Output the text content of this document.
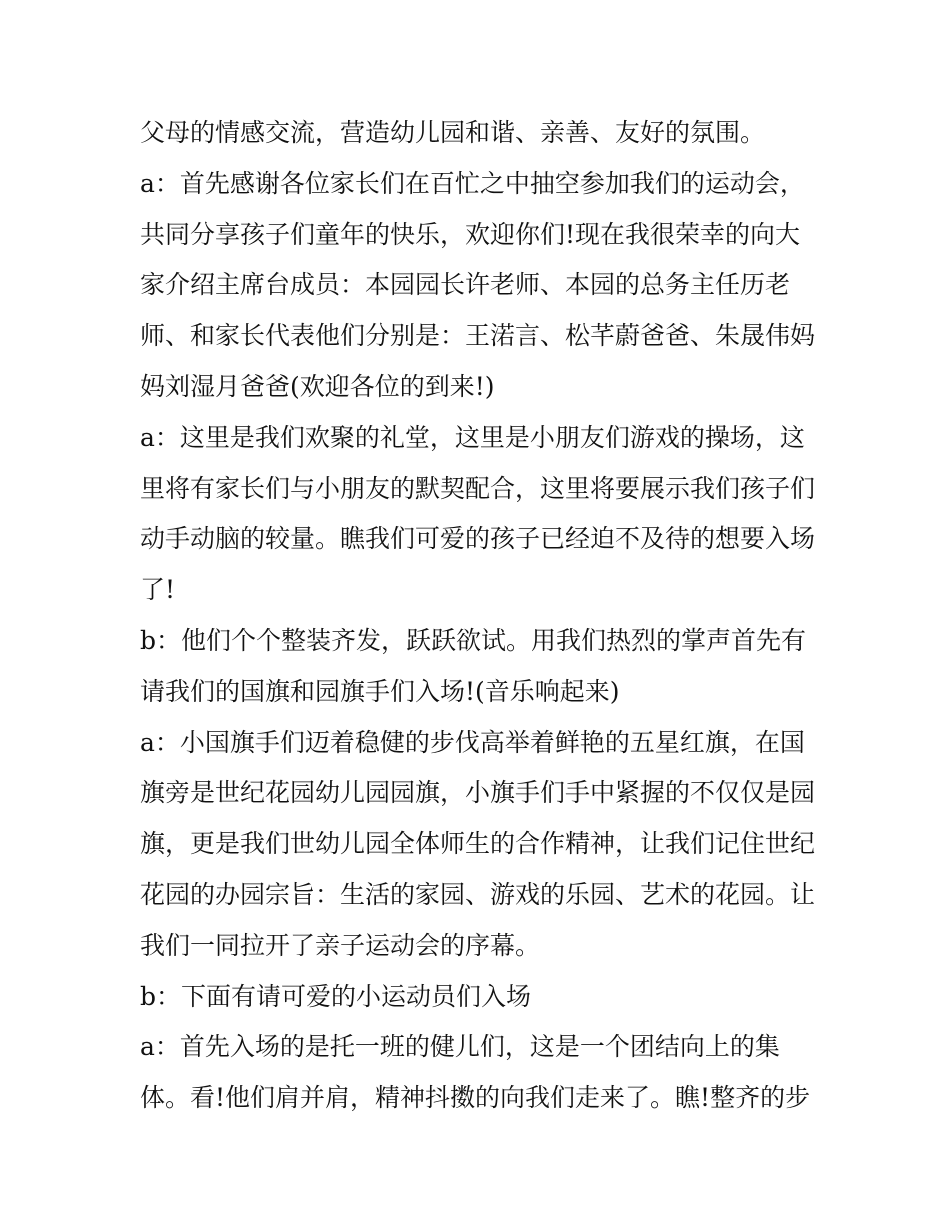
父母的情感交流，营造幼儿园和谐、亲善、友好的氛围。
a：首先感谢各位家长们在百忙之中抽空参加我们的运动会，
共同分享孩子们童年的快乐，欢迎你们!现在我很荣幸的向大
家介绍主席台成员：本园园长许老师、本园的总务主任历老
师、和家长代表他们分别是：王渃言、松芊蔚爸爸、朱晟伟妈
妈刘湿月爸爸(欢迎各位的到来!)
a：这里是我们欢聚的礼堂，这里是小朋友们游戏的操场，这
里将有家长们与小朋友的默契配合，这里将要展示我们孩子们
动手动脑的较量。瞧我们可爱的孩子已经迫不及待的想要入场
了!
b：他们个个整装齐发，跃跃欲试。用我们热烈的掌声首先有
请我们的国旗和园旗手们入场!(音乐响起来)
a：小国旗手们迈着稳健的步伐高举着鲜艳的五星红旗，在国
旗旁是世纪花园幼儿园园旗，小旗手们手中紧握的不仅仅是园
旗，更是我们世幼儿园全体师生的合作精神，让我们记住世纪
花园的办园宗旨：生活的家园、游戏的乐园、艺术的花园。让
我们一同拉开了亲子运动会的序幕。
b：下面有请可爱的小运动员们入场
a：首先入场的是托一班的健儿们，这是一个团结向上的集
体。看!他们肩并肩，精神抖擞的向我们走来了。瞧!整齐的步
